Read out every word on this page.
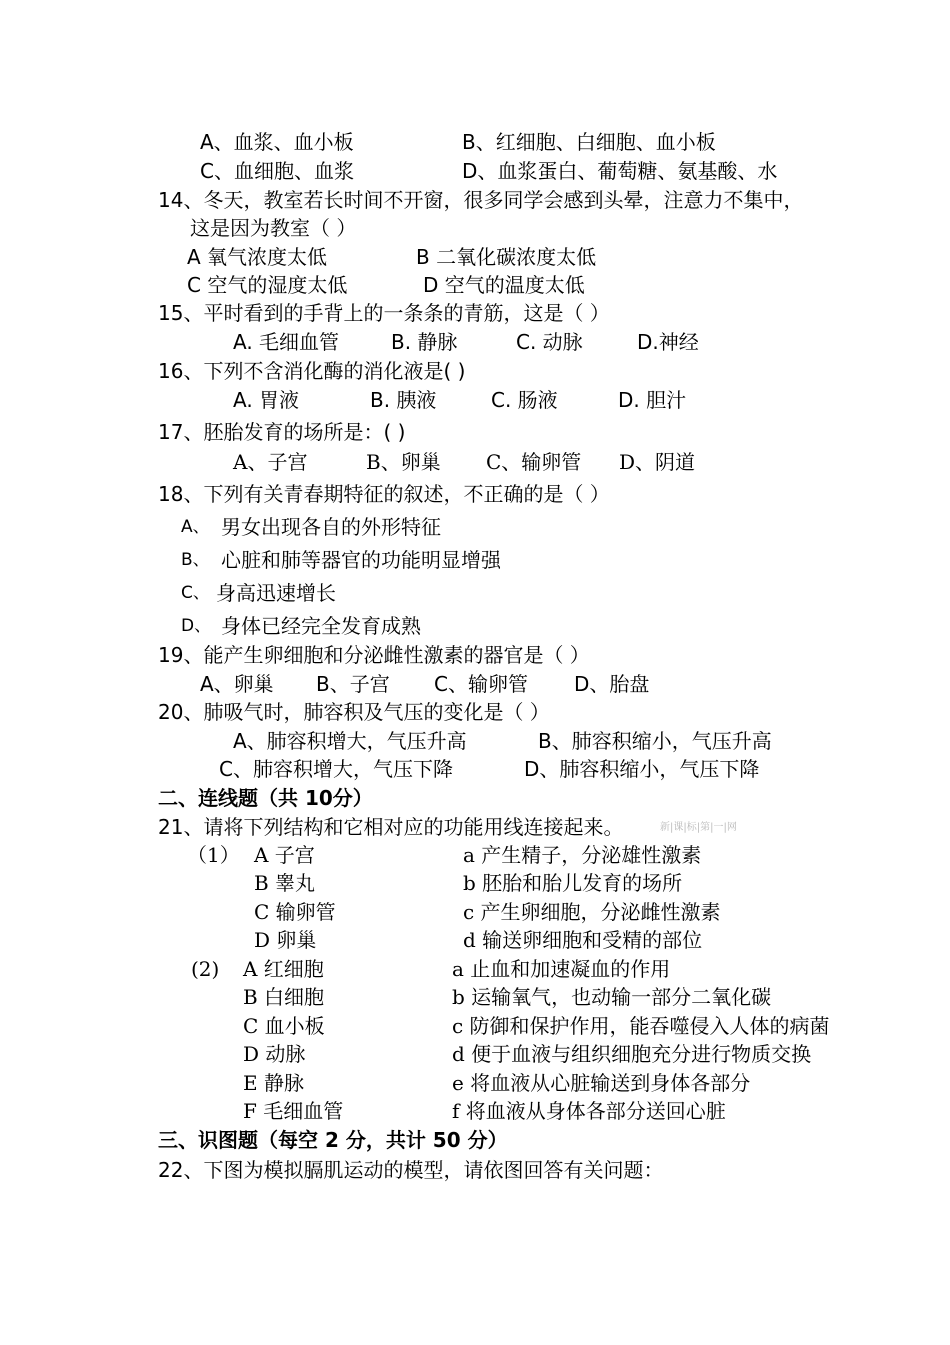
A、血浆、血小板	B、红细胞、白细胞、血小板
C、血细胞、血浆	D、血浆蛋白、葡萄糖、氨基酸、水
14、冬天，教室若长时间不开窗，很多同学会感到头晕，注意力不集中，
这是因为教室（ ）
A 氧气浓度太低	B 二氧化碳浓度太低
C 空气的湿度太低	D 空气的温度太低
15、平时看到的手背上的一条条的青筋，这是（ ）
A. 毛细血管	B. 静脉	C. 动脉	D.神经
16、下列不含消化酶的消化液是( )
A. 胃液	B. 胰液	C. 肠液	D. 胆汁
17、胚胎发育的场所是：( )
A、子宫	B、卵巢 C、输卵管 D、阴道
18、下列有关青春期特征的叙述，不正确的是（ ）
A、 男女出现各自的外形特征
B、 心脏和肺等器官的功能明显增强
C、 身高迅速增长
D、 身体已经完全发育成熟
19、能产生卵细胞和分泌雌性激素的器官是（ ）
A、卵巢 B、子宫 C、输卵管 D、胎盘
20、肺吸气时，肺容积及气压的变化是（ ）
A、肺容积增大，气压升高	B、肺容积缩小，气压升高
C、肺容积增大，气压下降	D、肺容积缩小，气压下降
二、连线题（共 10分）
21、请将下列结构和它相对应的功能用线连接起来。	新|课|标|第|一|网
（1） A 子宫	a 产生精子，分泌雄性激素
B 睾丸	b 胚胎和胎儿发育的场所
C 输卵管	c 产生卵细胞，分泌雌性激素
D 卵巢	d 输送卵细胞和受精的部位
(2) A 红细胞	a 止血和加速凝血的作用
B 白细胞	b 运输氧气，也动输一部分二氧化碳
C 血小板	c 防御和保护作用，能吞噬侵入人体的病菌
D 动脉	d 便于血液与组织细胞充分进行物质交换
E 静脉	e 将血液从心脏输送到身体各部分
F 毛细血管	f 将血液从身体各部分送回心脏
三、识图题（每空 2 分，共计 50 分）
22、下图为模拟膈肌运动的模型，请依图回答有关问题：
